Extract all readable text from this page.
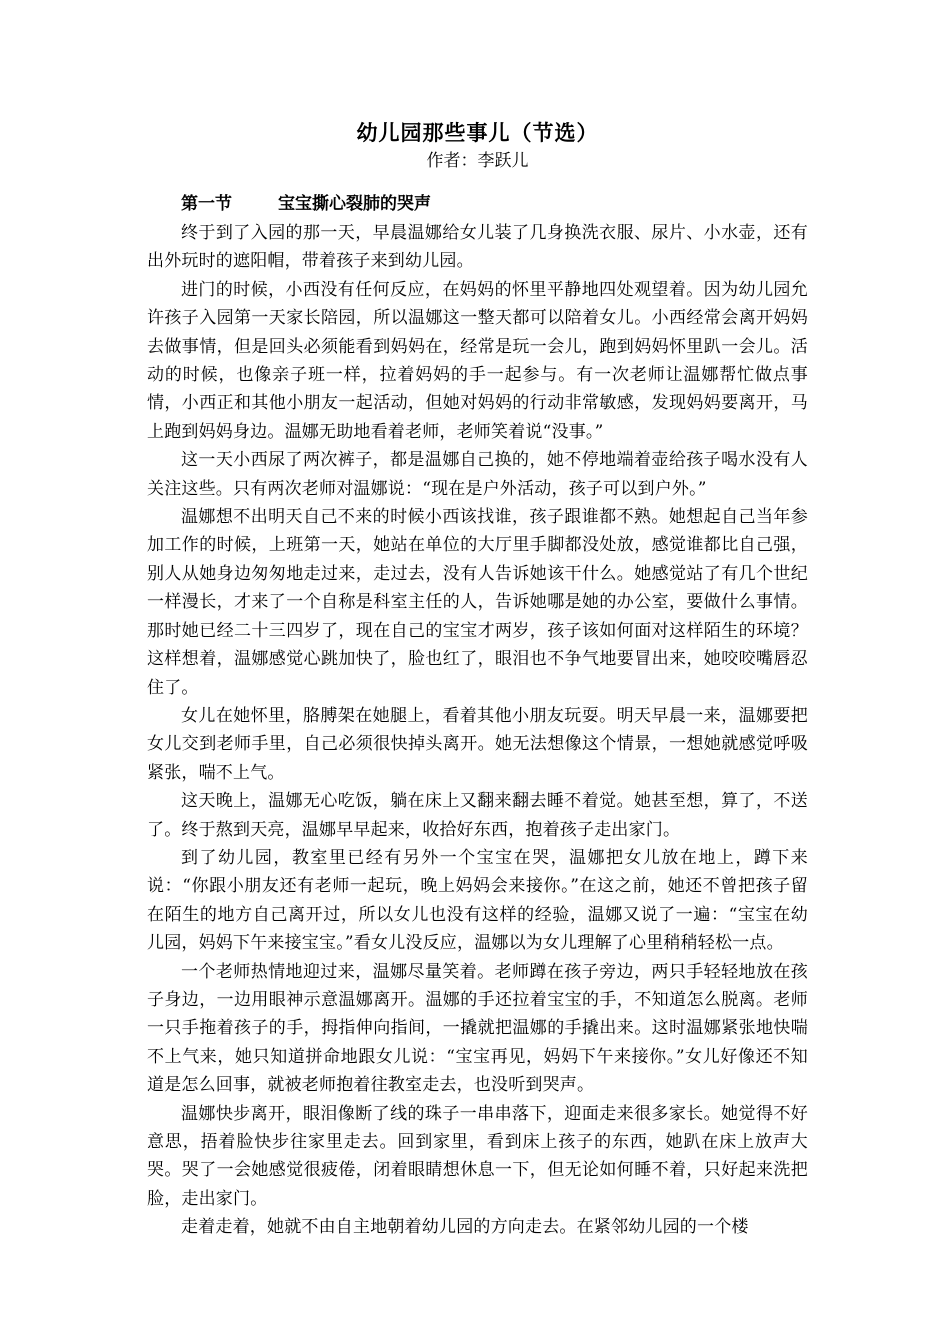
幼儿园那些事儿（节选）
作者：李跃儿
第一节	宝宝撕心裂肺的哭声

终于到了入园的那一天，早晨温娜给女儿装了几身换洗衣服、尿片、小水壶，还有出外玩时的遮阳帽，带着孩子来到幼儿园。

进门的时候，小西没有任何反应，在妈妈的怀里平静地四处观望着。因为幼儿园允许孩子入园第一天家长陪园，所以温娜这一整天都可以陪着女儿。小西经常会离开妈妈去做事情，但是回头必须能看到妈妈在，经常是玩一会儿，跑到妈妈怀里趴一会儿。活动的时候，也像亲子班一样，拉着妈妈的手一起参与。有一次老师让温娜帮忙做点事情，小西正和其他小朋友一起活动，但她对妈妈的行动非常敏感，发现妈妈要离开，马上跑到妈妈身边。温娜无助地看着老师，老师笑着说“没事。”

这一天小西尿了两次裤子，都是温娜自己换的，她不停地端着壶给孩子喝水没有人关注这些。只有两次老师对温娜说：“现在是户外活动，孩子可以到户外。”

温娜想不出明天自己不来的时候小西该找谁，孩子跟谁都不熟。她想起自己当年参加工作的时候，上班第一天，她站在单位的大厅里手脚都没处放，感觉谁都比自己强，别人从她身边匆匆地走过来，走过去，没有人告诉她该干什么。她感觉站了有几个世纪一样漫长，才来了一个自称是科室主任的人，告诉她哪是她的办公室，要做什么事情。那时她已经二十三四岁了，现在自己的宝宝才两岁，孩子该如何面对这样陌生的环境？这样想着，温娜感觉心跳加快了，脸也红了，眼泪也不争气地要冒出来，她咬咬嘴唇忍住了。

女儿在她怀里，胳膊架在她腿上，看着其他小朋友玩耍。明天早晨一来，温娜要把女儿交到老师手里，自己必须很快掉头离开。她无法想像这个情景，一想她就感觉呼吸紧张，喘不上气。

这天晚上，温娜无心吃饭，躺在床上又翻来翻去睡不着觉。她甚至想，算了，不送了。终于熬到天亮，温娜早早起来，收拾好东西，抱着孩子走出家门。

到了幼儿园，教室里已经有另外一个宝宝在哭，温娜把女儿放在地上，蹲下来说：“你跟小朋友还有老师一起玩，晚上妈妈会来接你。”在这之前，她还不曾把孩子留在陌生的地方自己离开过，所以女儿也没有这样的经验，温娜又说了一遍：“宝宝在幼儿园，妈妈下午来接宝宝。”看女儿没反应，温娜以为女儿理解了心里稍稍轻松一点。

一个老师热情地迎过来，温娜尽量笑着。老师蹲在孩子旁边，两只手轻轻地放在孩子身边，一边用眼神示意温娜离开。温娜的手还拉着宝宝的手，不知道怎么脱离。老师一只手拖着孩子的手，拇指伸向指间，一撬就把温娜的手撬出来。这时温娜紧张地快喘不上气来，她只知道拼命地跟女儿说：“宝宝再见，妈妈下午来接你。”女儿好像还不知道是怎么回事，就被老师抱着往教室走去，也没听到哭声。

温娜快步离开，眼泪像断了线的珠子一串串落下，迎面走来很多家长。她觉得不好意思，捂着脸快步往家里走去。回到家里，看到床上孩子的东西，她趴在床上放声大哭。哭了一会她感觉很疲倦，闭着眼睛想休息一下，但无论如何睡不着，只好起来洗把脸，走出家门。

走着走着，她就不由自主地朝着幼儿园的方向走去。在紧邻幼儿园的一个楼
